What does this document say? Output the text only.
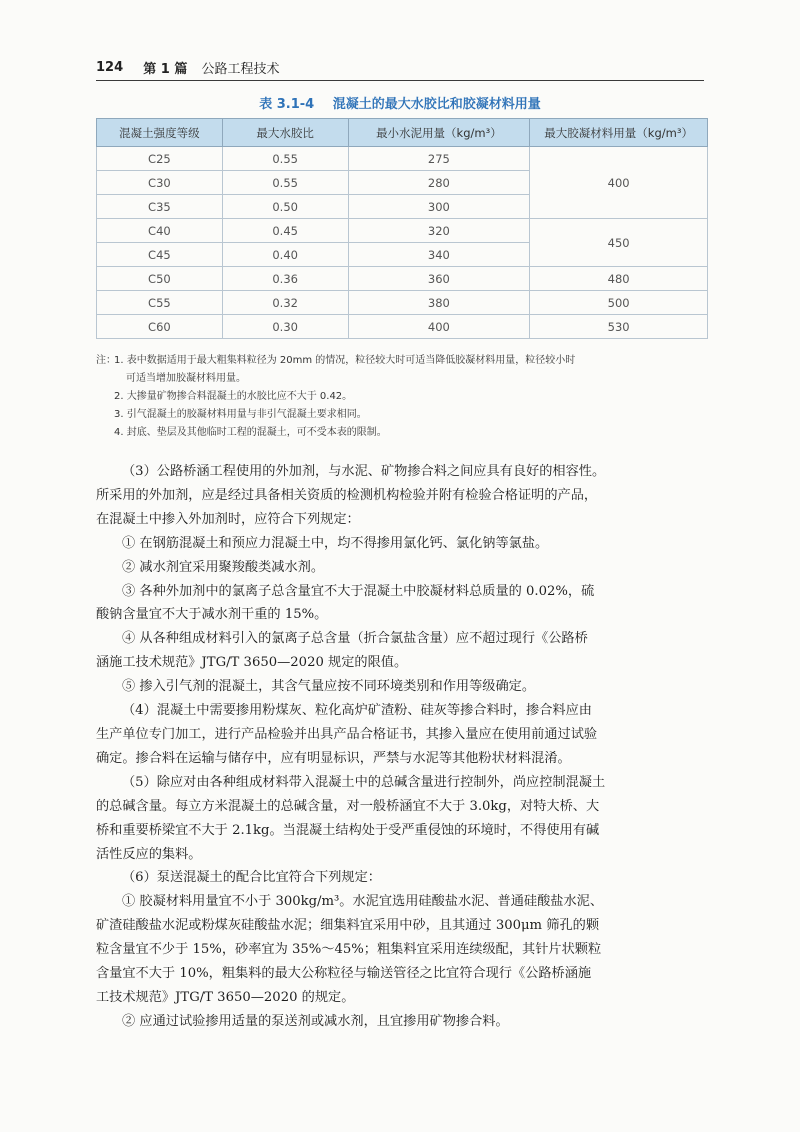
124 第 1 篇 公路工程技术
表 3.1-4 混凝土的最大水胶比和胶凝材料用量
混凝土强度等级	最大水胶比	最小水泥用量（kg/m³）	最大胶凝材料用量（kg/m³）
C25	0.55	275	400
C30	0.55	280	
C35	0.50	300	
C40	0.45	320	450
C45	0.40	340	
C50	0.36	360	480
C55	0.32	380	500
C60	0.30	400	530
注：
1. 表中数据适用于最大粗集料粒径为 20mm 的情况，粒径较大时可适当降低胶凝材料用量，粒径较小时
可适当增加胶凝材料用量。
2. 大掺量矿物掺合料混凝土的水胶比应不大于 0.42。
3. 引气混凝土的胶凝材料用量与非引气混凝土要求相同。
4. 封底、垫层及其他临时工程的混凝土，可不受本表的限制。

（3）公路桥涵工程使用的外加剂，与水泥、矿物掺合料之间应具有良好的相容性。

所采用的外加剂，应是经过具备相关资质的检测机构检验并附有检验合格证明的产品，

在混凝土中掺入外加剂时，应符合下列规定：

① 在钢筋混凝土和预应力混凝土中，均不得掺用氯化钙、氯化钠等氯盐。

② 减水剂宜采用聚羧酸类减水剂。

③ 各种外加剂中的氯离子总含量宜不大于混凝土中胶凝材料总质量的 0.02%，硫

酸钠含量宜不大于减水剂干重的 15%。

④ 从各种组成材料引入的氯离子总含量（折合氯盐含量）应不超过现行《公路桥

涵施工技术规范》JTG/T 3650—2020 规定的限值。

⑤ 掺入引气剂的混凝土，其含气量应按不同环境类别和作用等级确定。

（4）混凝土中需要掺用粉煤灰、粒化高炉矿渣粉、硅灰等掺合料时，掺合料应由

生产单位专门加工，进行产品检验并出具产品合格证书，其掺入量应在使用前通过试验

确定。掺合料在运输与储存中，应有明显标识，严禁与水泥等其他粉状材料混淆。

（5）除应对由各种组成材料带入混凝土中的总碱含量进行控制外，尚应控制混凝土

的总碱含量。每立方米混凝土的总碱含量，对一般桥涵宜不大于 3.0kg，对特大桥、大

桥和重要桥梁宜不大于 2.1kg。当混凝土结构处于受严重侵蚀的环境时，不得使用有碱

活性反应的集料。

（6）泵送混凝土的配合比宜符合下列规定：

① 胶凝材料用量宜不小于 300kg/m³。水泥宜选用硅酸盐水泥、普通硅酸盐水泥、

矿渣硅酸盐水泥或粉煤灰硅酸盐水泥；细集料宜采用中砂，且其通过 300μm 筛孔的颗

粒含量宜不少于 15%，砂率宜为 35%～45%；粗集料宜采用连续级配，其针片状颗粒

含量宜不大于 10%，粗集料的最大公称粒径与输送管径之比宜符合现行《公路桥涵施

工技术规范》JTG/T 3650—2020 的规定。

② 应通过试验掺用适量的泵送剂或减水剂，且宜掺用矿物掺合料。
